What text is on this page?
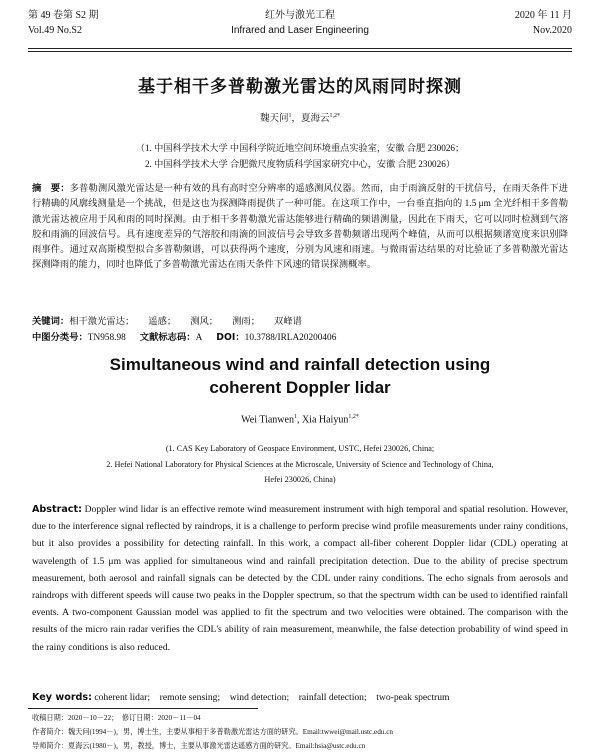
第 49 卷第 S2 期	红外与激光工程	2020 年 11 月
Vol.49 No.S2	Infrared and Laser Engineering	Nov.2020
基于相干多普勒激光雷达的风雨同时探测
魏天问$^1$，夏海云$^{1,2*}$
（1. 中国科学技术大学 中国科学院近地空间环境重点实验室，安徽 合肥 230026；
2. 中国科学技术大学 合肥微尺度物质科学国家研究中心，安徽 合肥 230026）
摘　要：多普勒测风激光雷达是一种有效的具有高时空分辨率的遥感测风仪器。然而，由于雨滴反射的干扰信号，在雨天条件下进行精确的风廓线测量是一个挑战，但是这也为探测降雨提供了一种可能。在这项工作中，一台垂直指向的 1.5 μm 全光纤相干多普勒激光雷达被应用于风和雨的同时探测。由于相干多普勒激光雷达能够进行精确的频谱测量，因此在下雨天，它可以同时检测到气溶胶和雨滴的回波信号。具有速度差异的气溶胶和雨滴的回波信号会导致多普勒频谱出现两个峰值，从而可以根据频谱宽度来识别降雨事件。通过双高斯模型拟合多普勒频谱，可以获得两个速度，分别为风速和雨速。与微雨雷达结果的对比验证了多普勒激光雷达探测降雨的能力，同时也降低了多普勒激光雷达在雨天条件下风速的错误探测概率。
关键词：相干激光雷达； 遥感； 测风； 测雨； 双峰谱
中图分类号：TN958.98 文献标志码：A DOI：10.3788/IRLA20200406
Simultaneous wind and rainfall detection using
coherent Doppler lidar
Wei Tianwen$^1$, Xia Haiyun$^{1,2*}$
(1. CAS Key Laboratory of Geospace Environment, USTC, Hefei 230026, China;
2. Hefei National Laboratory for Physical Sciences at the Microscale, University of Science and Technology of China,
Hefei 230026, China)
Abstract: Doppler wind lidar is an effective remote wind measurement instrument with high temporal and spatial resolution. However, due to the interference signal reflected by raindrops, it is a challenge to perform precise wind profile measurements under rainy conditions, but it also provides a possibility for detecting rainfall. In this work, a compact all-fiber coherent Doppler lidar (CDL) operating at wavelength of 1.5 μm was applied for simultaneous wind and rainfall precipitation detection. Due to the ability of precise spectrum measurement, both aerosol and rainfall signals can be detected by the CDL under rainy conditions. The echo signals from aerosols and raindrops with different speeds will cause two peaks in the Doppler spectrum, so that the spectrum width can be used to identified rainfall events. A two-component Gaussian model was applied to fit the spectrum and two velocities were obtained. The comparison with the results of the micro rain radar verifies the CDL's ability of rain measurement, meanwhile, the false detection probability of wind speed in the rainy conditions is also reduced.
Key words: coherent lidar;　remote sensing;　wind detection;　rainfall detection;　two-peak spectrum
收稿日期：2020－10－22；　修订日期：2020－11－04
作者简介：魏天问(1994－)，男，博士生，主要从事相干多普勒激光雷达方面的研究。Email:twwei@mail.ustc.edu.cn
导师简介：夏海云(1980－)，男，教授，博士，主要从事激光雷达遥感方面的研究。Email:hsia@ustc.edu.cn
